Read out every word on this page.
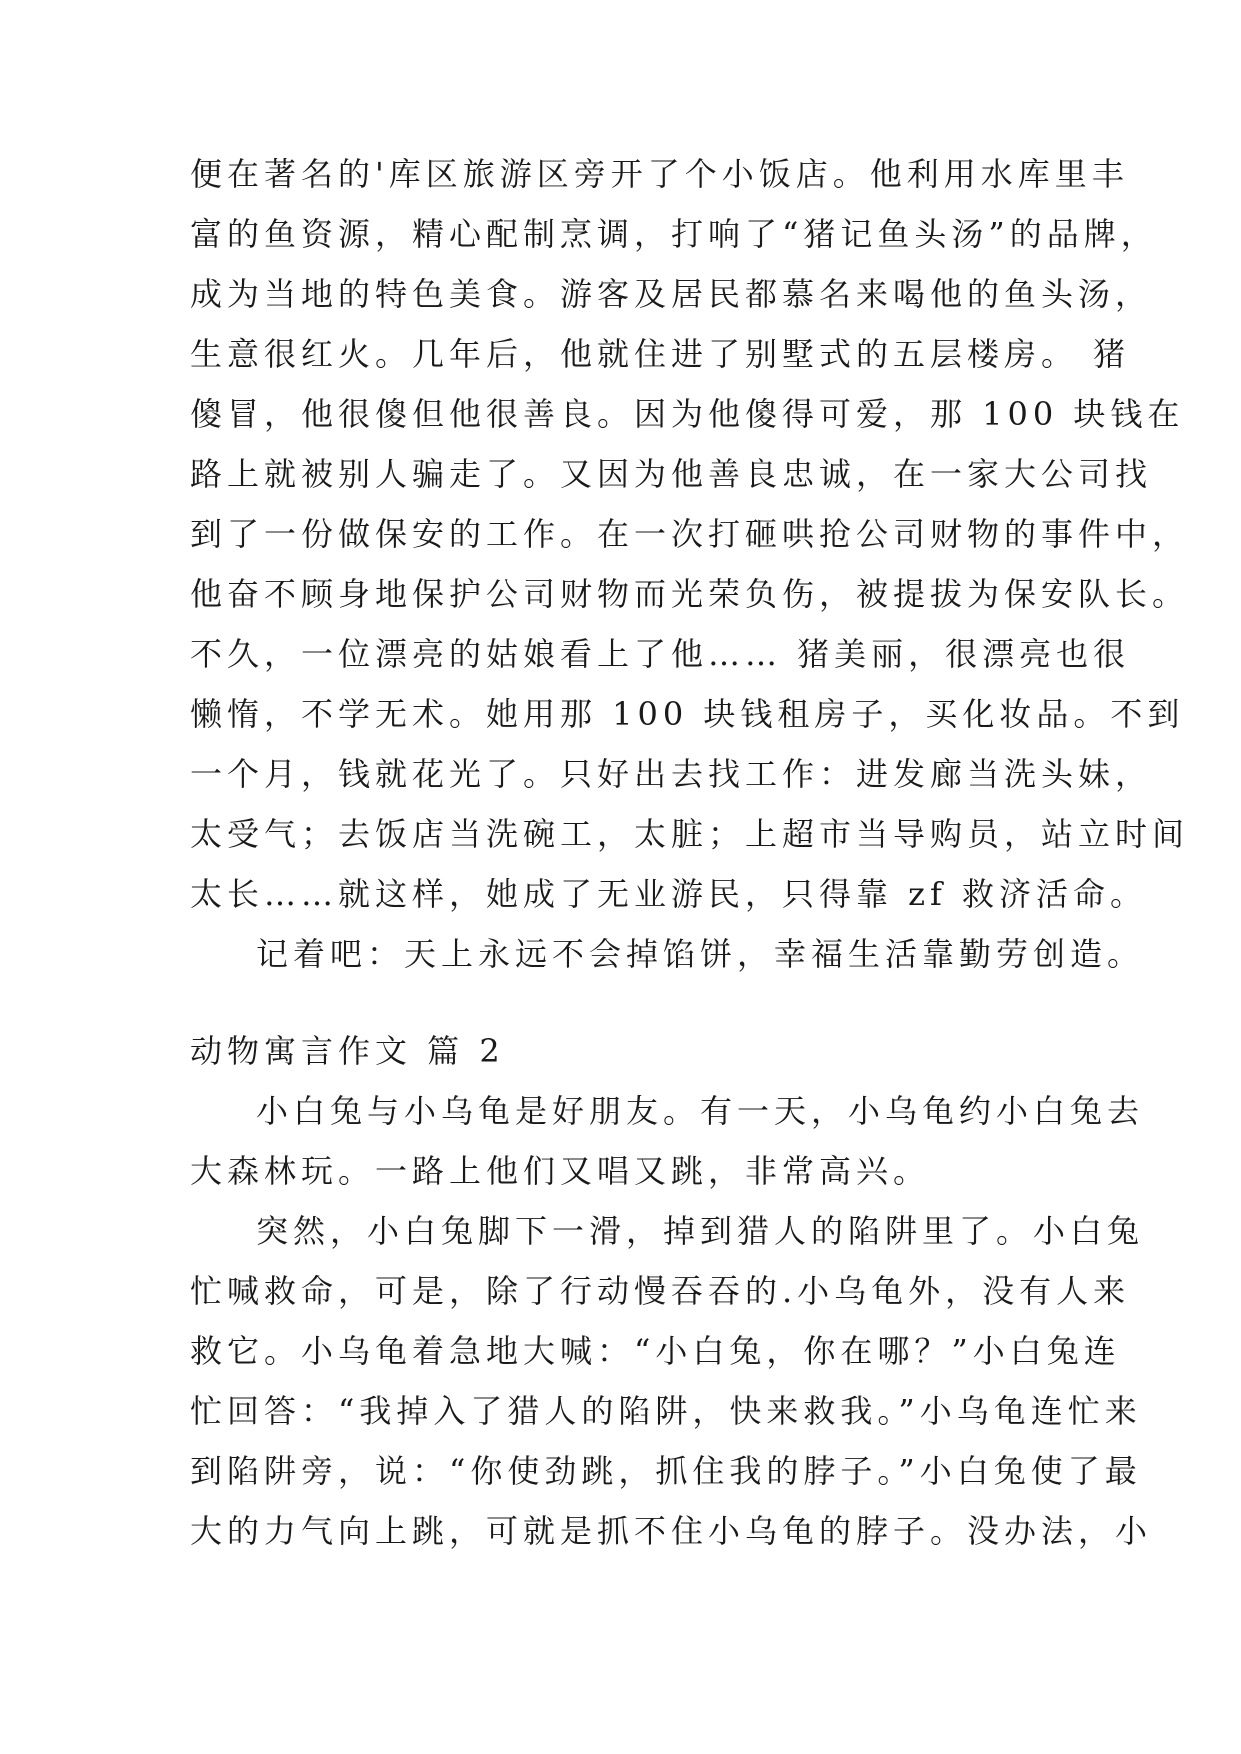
便在著名的'库区旅游区旁开了个小饭店。他利用水库里丰
富的鱼资源，精心配制烹调，打响了“猪记鱼头汤”的品牌，
成为当地的特色美食。游客及居民都慕名来喝他的鱼头汤，
生意很红火。几年后，他就住进了别墅式的五层楼房。 猪
傻冒，他很傻但他很善良。因为他傻得可爱，那 100 块钱在
路上就被别人骗走了。又因为他善良忠诚，在一家大公司找
到了一份做保安的工作。在一次打砸哄抢公司财物的事件中，
他奋不顾身地保护公司财物而光荣负伤，被提拔为保安队长。
不久，一位漂亮的姑娘看上了他…… 猪美丽，很漂亮也很
懒惰，不学无术。她用那 100 块钱租房子，买化妆品。不到
一个月，钱就花光了。只好出去找工作：进发廊当洗头妹，
太受气；去饭店当洗碗工，太脏；上超市当导购员，站立时间
太长……就这样，她成了无业游民，只得靠 zf 救济活命。
记着吧：天上永远不会掉馅饼，幸福生活靠勤劳创造。
动物寓言作文 篇 2
小白兔与小乌龟是好朋友。有一天，小乌龟约小白兔去
大森林玩。一路上他们又唱又跳，非常高兴。
突然，小白兔脚下一滑，掉到猎人的陷阱里了。小白兔
忙喊救命，可是，除了行动慢吞吞的.小乌龟外，没有人来
救它。小乌龟着急地大喊：“小白兔，你在哪？”小白兔连
忙回答：“我掉入了猎人的陷阱，快来救我。”小乌龟连忙来
到陷阱旁，说：“你使劲跳，抓住我的脖子。”小白兔使了最
大的力气向上跳，可就是抓不住小乌龟的脖子。没办法，小
